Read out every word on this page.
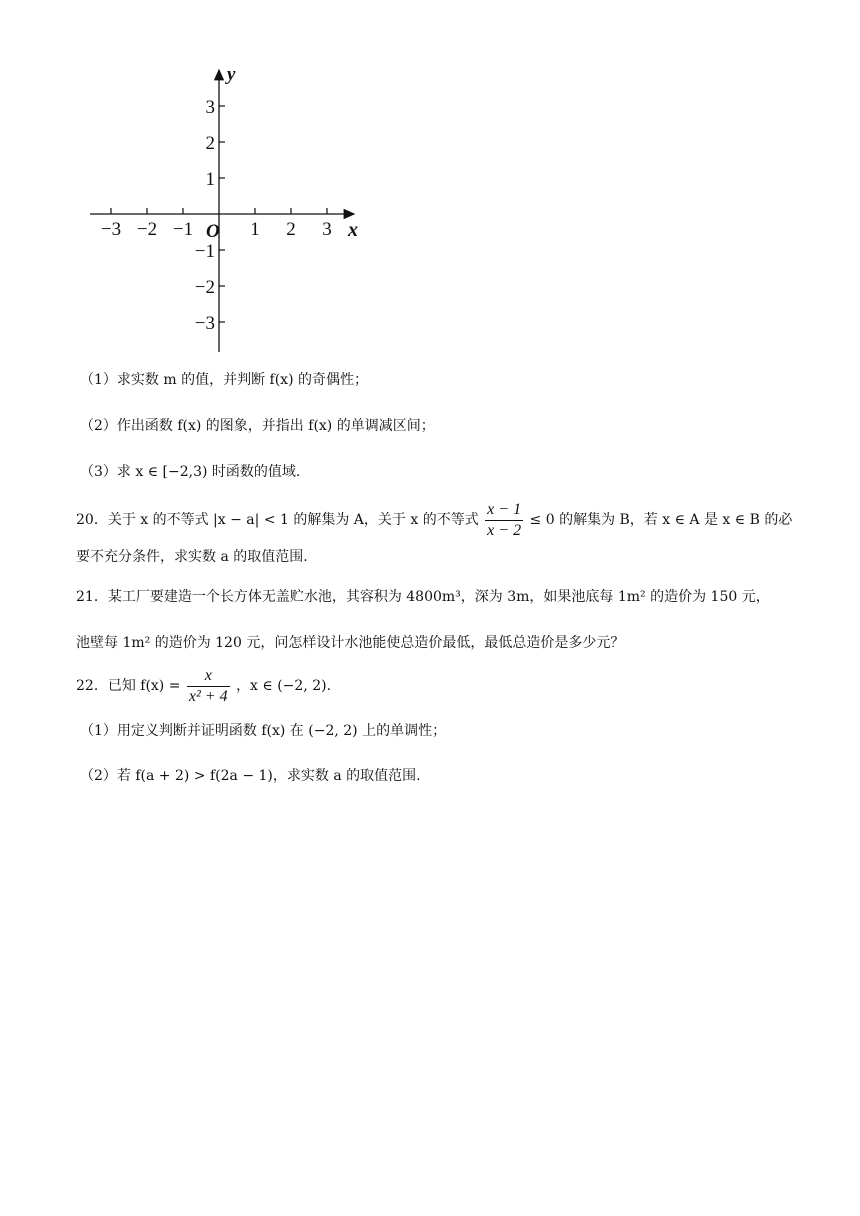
−3 −2 −1	1 2 3
3
2
1
−1
−2
−3
y
x
O
（1）求实数 m 的值，并判断 f(x) 的奇偶性；
（2）作出函数 f(x) 的图象，并指出 f(x) 的单调减区间；
（3）求 x ∈ [−2,3) 时函数的值域.
20．关于 x 的不等式 |x − a| < 1 的解集为 A，关于 x 的不等式 $\frac{x - 1}{x - 2} \le 0$ 的解集为 B，若 x ∈ A 是 x ∈ B 的必
要不充分条件，求实数 a 的取值范围.
21．某工厂要建造一个长方体无盖贮水池，其容积为 4800m³，深为 3m，如果池底每 1m² 的造价为 150 元，
池壁每 1m² 的造价为 120 元，问怎样设计水池能使总造价最低，最低总造价是多少元？
22．已知 $f(x) = \frac{x}{\text{x² + 4}}$ ，x ∈ (−2, 2).
（1）用定义判断并证明函数 f(x) 在 (−2, 2) 上的单调性；
（2）若 f(a + 2) > f(2a − 1)，求实数 a 的取值范围.
